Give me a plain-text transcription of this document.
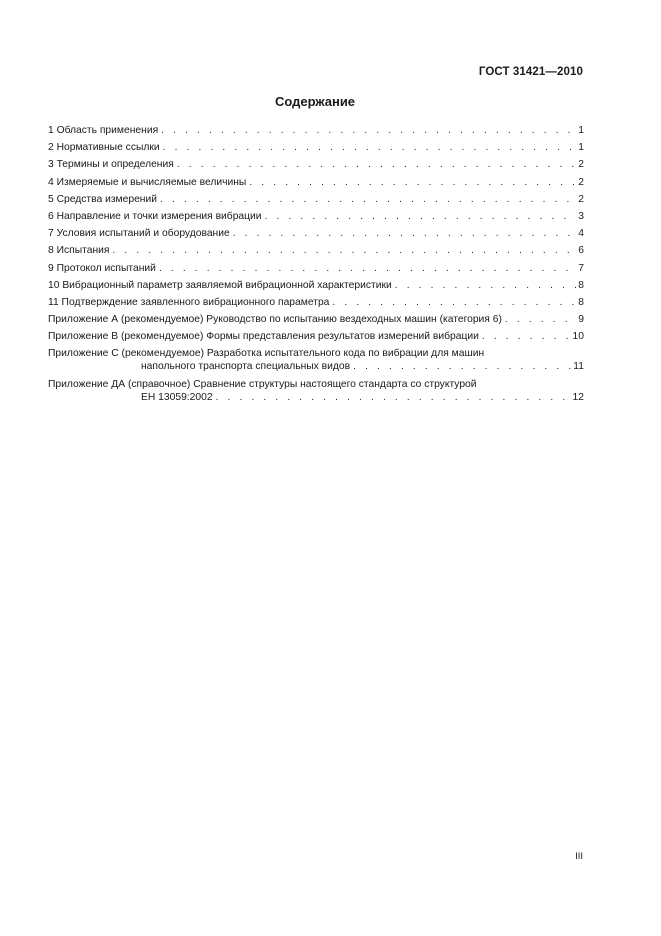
ГОСТ 31421—2010
Содержание
1 Область применения . . .	1
2 Нормативные ссылки . . .	1
3 Термины и определения . . .	2
4 Измеряемые и вычисляемые величины . . .	2
5 Средства измерений . . .	2
6 Направление и точки измерения вибрации . . .	3
7 Условия испытаний и оборудование . . .	4
8 Испытания . . .	6
9 Протокол испытаний . . .	7
10 Вибрационный параметр заявляемой вибрационной характеристики . . .	8
11 Подтверждение заявленного вибрационного параметра . . .	8
Приложение А (рекомендуемое) Руководство по испытанию вездеходных машин (категория 6) . . .	9
Приложение В (рекомендуемое) Формы представления результатов измерений вибрации . . .	10
Приложение С (рекомендуемое) Разработка испытательного кода по вибрации для машин
напольного транспорта специальных видов . . .	11
Приложение ДА (справочное) Сравнение структуры настоящего стандарта со структурой
ЕН 13059:2002 . . .	12
III
